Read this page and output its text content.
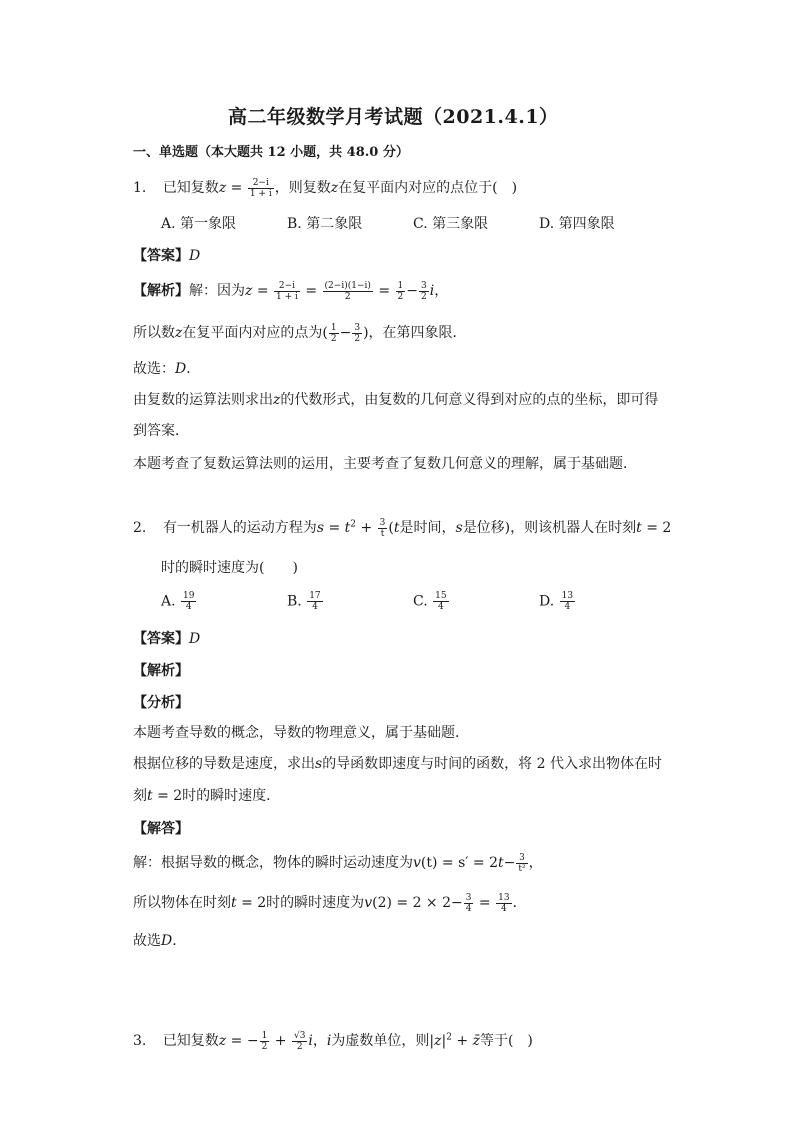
高二年级数学月考试题（2021.4.1）
一、单选题（本大题共 12 小题，共 48.0 分）
1. 已知复数$z = \frac{2-i}{1 + i}$ ，则复数z在复平面内对应的点位于(　)
A. 第一象限	B. 第二象限	C. 第三象限	D. 第四象限
【答案】D
【解析】解：因为$z = \frac{2-i}{1 + i} = \frac{(2-i)(1-i)}{2} = \frac{1}{2} - \frac{3}{2}$ i，
所以数z在复平面内对应的点为( $\frac{1}{2} - \frac{3}{2}$ )，在第四象限．
故选：D．
由复数的运算法则求出z的代数形式，由复数的几何意义得到对应的点的坐标，即可得
到答案．
本题考查了复数运算法则的运用，主要考查了复数几何意义的理解，属于基础题．
2. 有一机器人的运动方程为$s = t^2 + \frac{3}{t} (t$是时间，s是位移)，则该机器人在时刻t = 2
时的瞬时速度为(　　)
A. $\frac{19}{4}$	B. $\frac{17}{4}$	C. $\frac{15}{4}$	D. $\frac{13}{4}$
【答案】D
【解析】
【分析】
本题考查导数的概念，导数的物理意义，属于基础题．
根据位移的导数是速度，求出s的导函数即速度与时间的函数，将 2 代入求出物体在时
刻t = 2时的瞬时速度．
【解答】
解：根据导数的概念，物体的瞬时运动速度为$v(t) = s' = 2t- \frac{3}{\text{t²}}$ ，
所以物体在时刻t = 2时的瞬时速度为$v(2) = 2 \times 2- \frac{3}{4} = \frac{13}{4}$ ．
故选D．
3. 已知复数z = − $\frac{1}{2} + \frac{√3}{2}$ i，i为虚数单位，则$|z|^2$ + z̄等于(　)
